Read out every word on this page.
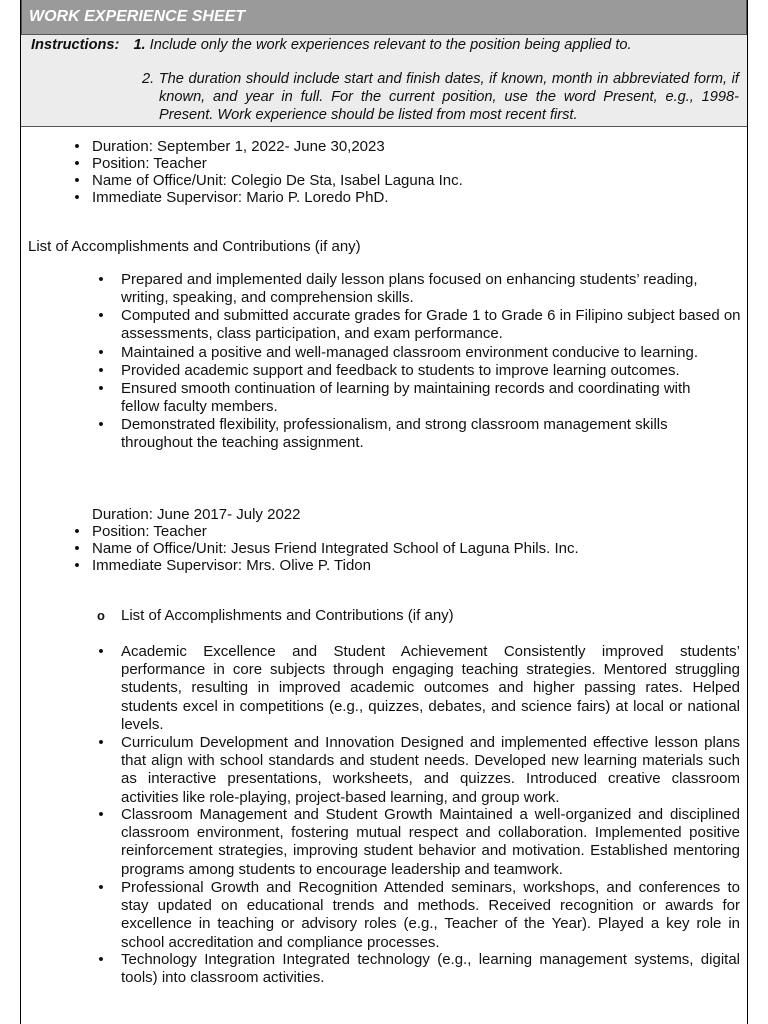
WORK EXPERIENCE SHEET
Instructions: 1. Include only the work experiences relevant to the position being applied to.
2. The duration should include start and finish dates, if known, month in abbreviated form, if known, and year in full. For the current position, use the word Present, e.g., 1998-Present. Work experience should be listed from most recent first.
• Duration: September 1, 2022- June 30,2023
• Position: Teacher
• Name of Office/Unit: Colegio De Sta, Isabel Laguna Inc.
• Immediate Supervisor: Mario P. Loredo PhD.
List of Accomplishments and Contributions (if any)
• Prepared and implemented daily lesson plans focused on enhancing students’ reading, writing, speaking, and comprehension skills.
• Computed and submitted accurate grades for Grade 1 to Grade 6 in Filipino subject based on assessments, class participation, and exam performance.
• Maintained a positive and well-managed classroom environment conducive to learning.
• Provided academic support and feedback to students to improve learning outcomes.
• Ensured smooth continuation of learning by maintaining records and coordinating with fellow faculty members.
• Demonstrated flexibility, professionalism, and strong classroom management skills throughout the teaching assignment.
Duration: June 2017- July 2022
• Position: Teacher
• Name of Office/Unit: Jesus Friend Integrated School of Laguna Phils. Inc.
• Immediate Supervisor: Mrs. Olive P. Tidon
o List of Accomplishments and Contributions (if any)
• Academic Excellence and Student Achievement Consistently improved students’ performance in core subjects through engaging teaching strategies. Mentored struggling students, resulting in improved academic outcomes and higher passing rates. Helped students excel in competitions (e.g., quizzes, debates, and science fairs) at local or national levels.
• Curriculum Development and Innovation Designed and implemented effective lesson plans that align with school standards and student needs. Developed new learning materials such as interactive presentations, worksheets, and quizzes. Introduced creative classroom activities like role-playing, project-based learning, and group work.
• Classroom Management and Student Growth Maintained a well-organized and disciplined classroom environment, fostering mutual respect and collaboration. Implemented positive reinforcement strategies, improving student behavior and motivation. Established mentoring programs among students to encourage leadership and teamwork.
• Professional Growth and Recognition Attended seminars, workshops, and conferences to stay updated on educational trends and methods. Received recognition or awards for excellence in teaching or advisory roles (e.g., Teacher of the Year). Played a key role in school accreditation and compliance processes.
• Technology Integration Integrated technology (e.g., learning management systems, digital tools) into classroom activities.
